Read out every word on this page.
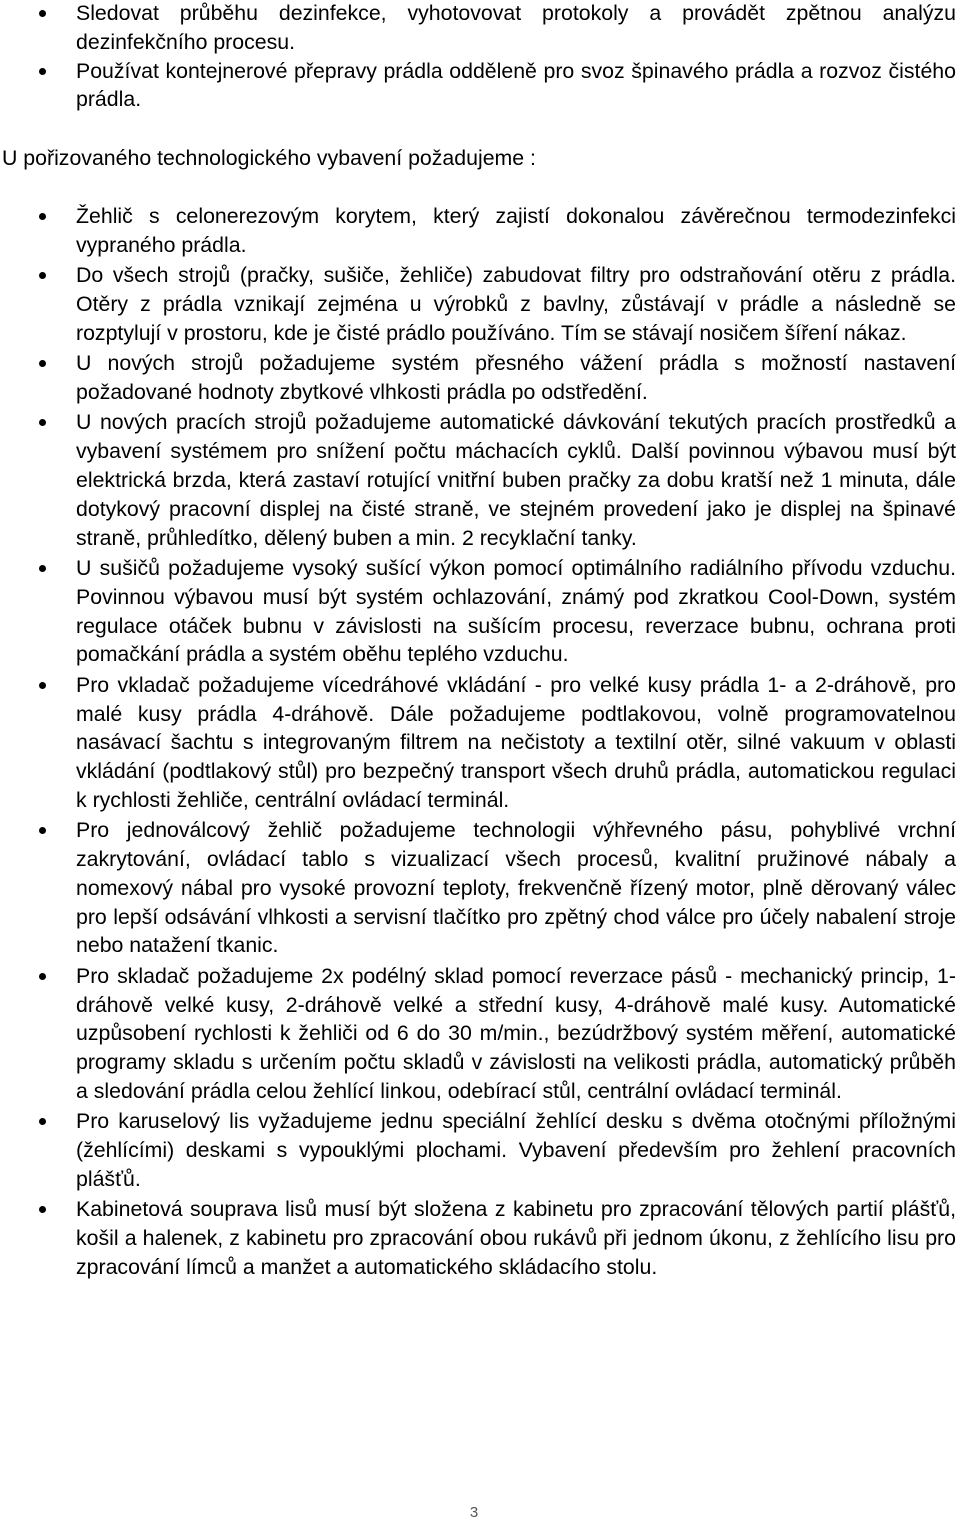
Sledovat průběhu dezinfekce, vyhotovovat protokoly a provádět zpětnou analýzu dezinfekčního procesu.
Používat kontejnerové přepravy prádla odděleně pro svoz špinavého prádla a rozvoz čistého prádla.

U pořizovaného technologického vybavení požadujeme :

Žehlič s celonerezovým korytem, který zajistí dokonalou závěrečnou termodezinfekci vypraného prádla.
Do všech strojů (pračky, sušiče, žehliče) zabudovat filtry pro odstraňování otěru z prádla. Otěry z prádla vznikají zejména u výrobků z bavlny, zůstávají v prádle a následně se rozptylují v prostoru, kde je čisté prádlo používáno. Tím se stávají nosičem šíření nákaz.
U nových strojů požadujeme systém přesného vážení prádla s možností nastavení požadované hodnoty zbytkové vlhkosti prádla po odstředění.
U nových pracích strojů požadujeme automatické dávkování tekutých pracích prostředků a vybavení systémem pro snížení počtu máchacích cyklů. Další povinnou výbavou musí být elektrická brzda, která zastaví rotující vnitřní buben pračky za dobu kratší než 1 minuta, dále dotykový pracovní displej na čisté straně, ve stejném provedení jako je displej na špinavé straně, průhledítko, dělený buben a min. 2 recyklační tanky.
U sušičů požadujeme vysoký sušící výkon pomocí optimálního radiálního přívodu vzduchu. Povinnou výbavou musí být systém ochlazování, známý pod zkratkou Cool-Down, systém regulace otáček bubnu v závislosti na sušícím procesu, reverzace bubnu, ochrana proti pomačkání prádla a systém oběhu teplého vzduchu.
Pro vkladač požadujeme vícedráhové vkládání - pro velké kusy prádla 1- a 2-dráhově, pro malé kusy prádla 4-dráhově. Dále požadujeme podtlakovou, volně programovatelnou nasávací šachtu s integrovaným filtrem na nečistoty a textilní otěr, silné vakuum v oblasti vkládání (podtlakový stůl) pro bezpečný transport všech druhů prádla, automatickou regulaci k rychlosti žehliče, centrální ovládací terminál.
Pro jednoválcový žehlič požadujeme technologii výhřevného pásu, pohyblivé vrchní zakrytování, ovládací tablo s vizualizací všech procesů, kvalitní pružinové nábaly a nomexový nábal pro vysoké provozní teploty, frekvenčně řízený motor, plně děrovaný válec pro lepší odsávání vlhkosti a servisní tlačítko pro zpětný chod válce pro účely nabalení stroje nebo natažení tkanic.
Pro skladač požadujeme 2x podélný sklad pomocí reverzace pásů - mechanický princip, 1-dráhově velké kusy, 2-dráhově velké a střední kusy, 4-dráhově malé kusy. Automatické uzpůsobení rychlosti k žehliči od 6 do 30 m/min., bezúdržbový systém měření, automatické programy skladu s určením počtu skladů v závislosti na velikosti prádla, automatický průběh a sledování prádla celou žehlící linkou, odebírací stůl, centrální ovládací terminál.
Pro karuselový lis vyžadujeme jednu speciální žehlící desku s dvěma otočnými příložnými (žehlícími) deskami s vypouklými plochami. Vybavení především pro žehlení pracovních plášťů.
Kabinetová souprava lisů musí být složena z kabinetu pro zpracování tělových partií plášťů, košil a halenek, z kabinetu pro zpracování obou rukávů při jednom úkonu, z žehlícího lisu pro zpracování límců a manžet a automatického skládacího stolu.
3
